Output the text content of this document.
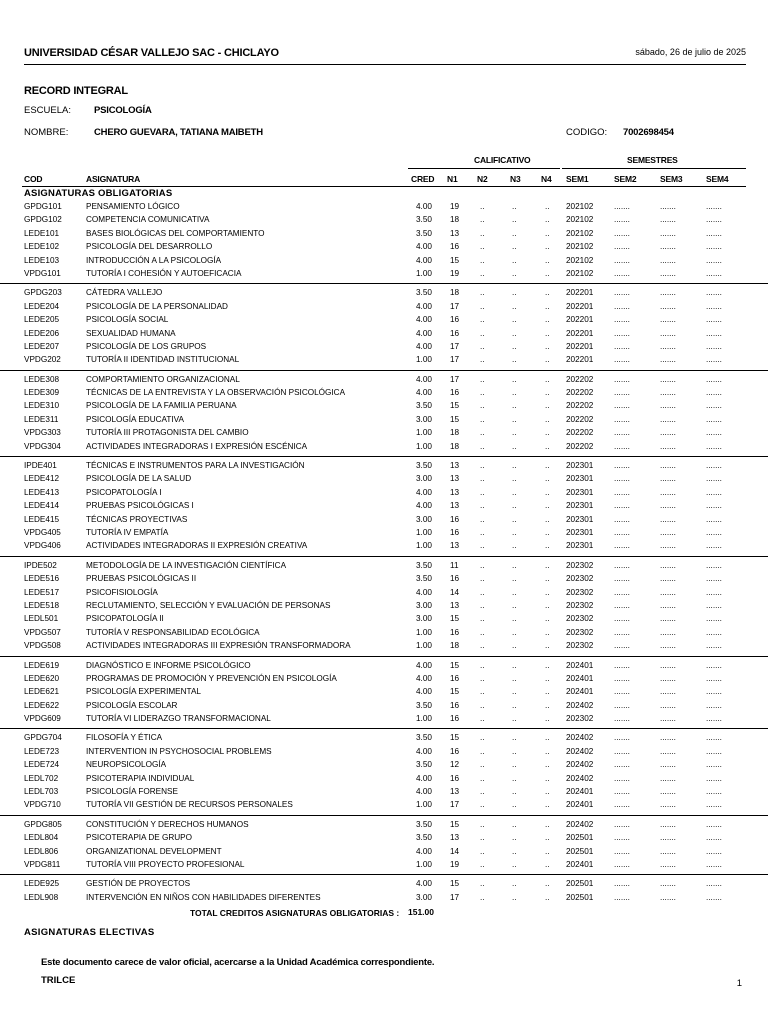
UNIVERSIDAD CÉSAR VALLEJO SAC - CHICLAYO	sábado, 26 de julio de 2025
RECORD INTEGRAL
ESCUELA: PSICOLOGÍA
NOMBRE:	CHERO GUEVARA, TATIANA MAIBETH	CODIGO: 7002698454
CALIFICATIVO	SEMESTRES
COD	ASIGNATURA	CRED N1 N2	N3 N4 SEM1	SEM2	SEM3	SEM4
ASIGNATURAS OBLIGATORIAS
GPDG101	PENSAMIENTO LÓGICO	4.00 19	..	..	.. 202102	.......	.......	.......
GPDG102	COMPETENCIA COMUNICATIVA	3.50 18	..	..	.. 202102	.......	.......	.......
LEDE101	BASES BIOLÓGICAS DEL COMPORTAMIENTO	3.50 13	..	..	.. 202102	.......	.......	.......
LEDE102	PSICOLOGÍA DEL DESARROLLO	4.00 16	..	..	.. 202102	.......	.......	.......
LEDE103	INTRODUCCIÓN A LA PSICOLOGÍA	4.00 15	..	..	.. 202102	.......	.......	.......
VPDG101	TUTORÍA I COHESIÓN Y AUTOEFICACIA	1.00 19	..	..	.. 202102	.......	.......	.......
GPDG203	CÁTEDRA VALLEJO	3.50 18	..	..	.. 202201	.......	.......	.......
LEDE204	PSICOLOGÍA DE LA PERSONALIDAD	4.00 17	..	..	.. 202201	.......	.......	.......
LEDE205	PSICOLOGÍA SOCIAL	4.00 16	..	..	.. 202201	.......	.......	.......
LEDE206	SEXUALIDAD HUMANA	4.00 16	..	..	.. 202201	.......	.......	.......
LEDE207	PSICOLOGÍA DE LOS GRUPOS	4.00 17	..	..	.. 202201	.......	.......	.......
VPDG202	TUTORÍA II IDENTIDAD INSTITUCIONAL	1.00 17	..	..	.. 202201	.......	.......	.......
LEDE308	COMPORTAMIENTO ORGANIZACIONAL	4.00 17	..	..	.. 202202	.......	.......	.......
LEDE309	TÉCNICAS DE LA ENTREVISTA Y LA OBSERVACIÓN PSICOLÓGICA	4.00 16	..	..	.. 202202	.......	.......	.......
LEDE310	PSICOLOGÍA DE LA FAMILIA PERUANA	3.50 15	..	..	.. 202202	.......	.......	.......
LEDE311	PSICOLOGÍA EDUCATIVA	3.00 15	..	..	.. 202202	.......	.......	.......
VPDG303	TUTORÍA III PROTAGONISTA DEL CAMBIO	1.00 18	..	..	.. 202202	.......	.......	.......
VPDG304	ACTIVIDADES INTEGRADORAS I EXPRESIÓN ESCÉNICA	1.00 18	..	..	.. 202202	.......	.......	.......
IPDE401	TÉCNICAS E INSTRUMENTOS PARA LA INVESTIGACIÓN	3.50 13	..	..	.. 202301	.......	.......	.......
LEDE412	PSICOLOGÍA DE LA SALUD	3.00 13	..	..	.. 202301	.......	.......	.......
LEDE413	PSICOPATOLOGÍA I	4.00 13	..	..	.. 202301	.......	.......	.......
LEDE414	PRUEBAS PSICOLÓGICAS I	4.00 13	..	..	.. 202301	.......	.......	.......
LEDE415	TÉCNICAS PROYECTIVAS	3.00 16	..	..	.. 202301	.......	.......	.......
VPDG405	TUTORÍA IV EMPATÍA	1.00 16	..	..	.. 202301	.......	.......	.......
VPDG406	ACTIVIDADES INTEGRADORAS II EXPRESIÓN CREATIVA	1.00 13	..	..	.. 202301	.......	.......	.......
IPDE502	METODOLOGÍA DE LA INVESTIGACIÓN CIENTÍFICA	3.50 11	..	..	.. 202302	.......	.......	.......
LEDE516	PRUEBAS PSICOLÓGICAS II	3.50 16	..	..	.. 202302	.......	.......	.......
LEDE517	PSICOFISIOLOGÍA	4.00 14	..	..	.. 202302	.......	.......	.......
LEDE518	RECLUTAMIENTO, SELECCIÓN Y EVALUACIÓN DE PERSONAS	3.00 13	..	..	.. 202302	.......	.......	.......
LEDL501	PSICOPATOLOGÍA II	3.00 15	..	..	.. 202302	.......	.......	.......
VPDG507	TUTORÍA V RESPONSABILIDAD ECOLÓGICA	1.00 16	..	..	.. 202302	.......	.......	.......
VPDG508	ACTIVIDADES INTEGRADORAS III EXPRESIÓN TRANSFORMADORA	1.00 18	..	..	.. 202302	.......	.......	.......
LEDE619	DIAGNÓSTICO E INFORME PSICOLÓGICO	4.00 15	..	..	.. 202401	.......	.......	.......
LEDE620	PROGRAMAS DE PROMOCIÓN Y PREVENCIÓN EN PSICOLOGÍA	4.00 16	..	..	.. 202401	.......	.......	.......
LEDE621	PSICOLOGÍA EXPERIMENTAL	4.00 15	..	..	.. 202401	.......	.......	.......
LEDE622	PSICOLOGÍA ESCOLAR	3.50 16	..	..	.. 202402	.......	.......	.......
VPDG609	TUTORÍA VI LIDERAZGO TRANSFORMACIONAL	1.00 16	..	..	.. 202302	.......	.......	.......
GPDG704	FILOSOFÍA Y ÉTICA	3.50 15	..	..	.. 202402	.......	.......	.......
LEDE723	INTERVENTION IN PSYCHOSOCIAL PROBLEMS	4.00 16	..	..	.. 202402	.......	.......	.......
LEDE724	NEUROPSICOLOGÍA	3.50 12	..	..	.. 202402	.......	.......	.......
LEDL702	PSICOTERAPIA INDIVIDUAL	4.00 16	..	..	.. 202402	.......	.......	.......
LEDL703	PSICOLOGÍA FORENSE	4.00 13	..	..	.. 202401	.......	.......	.......
VPDG710	TUTORÍA VII GESTIÓN DE RECURSOS PERSONALES	1.00 17	..	..	.. 202401	.......	.......	.......
GPDG805	CONSTITUCIÓN Y DERECHOS HUMANOS	3.50 15	..	..	.. 202402	.......	.......	.......
LEDL804	PSICOTERAPIA DE GRUPO	3.50 13	..	..	.. 202501	.......	.......	.......
LEDL806	ORGANIZATIONAL DEVELOPMENT	4.00 14	..	..	.. 202501	.......	.......	.......
VPDG811	TUTORÍA VIII PROYECTO PROFESIONAL	1.00 19	..	..	.. 202401	.......	.......	.......
LEDE925	GESTIÓN DE PROYECTOS	4.00 15	..	..	.. 202501	.......	.......	.......
LEDL908	INTERVENCIÓN EN NIÑOS CON HABILIDADES DIFERENTES	3.00 17	..	..	.. 202501	.......	.......	.......
TOTAL CREDITOS ASIGNATURAS OBLIGATORIAS : 151.00
ASIGNATURAS ELECTIVAS
Este documento carece de valor oficial, acercarse a la Unidad Académica correspondiente.
TRILCE	1
